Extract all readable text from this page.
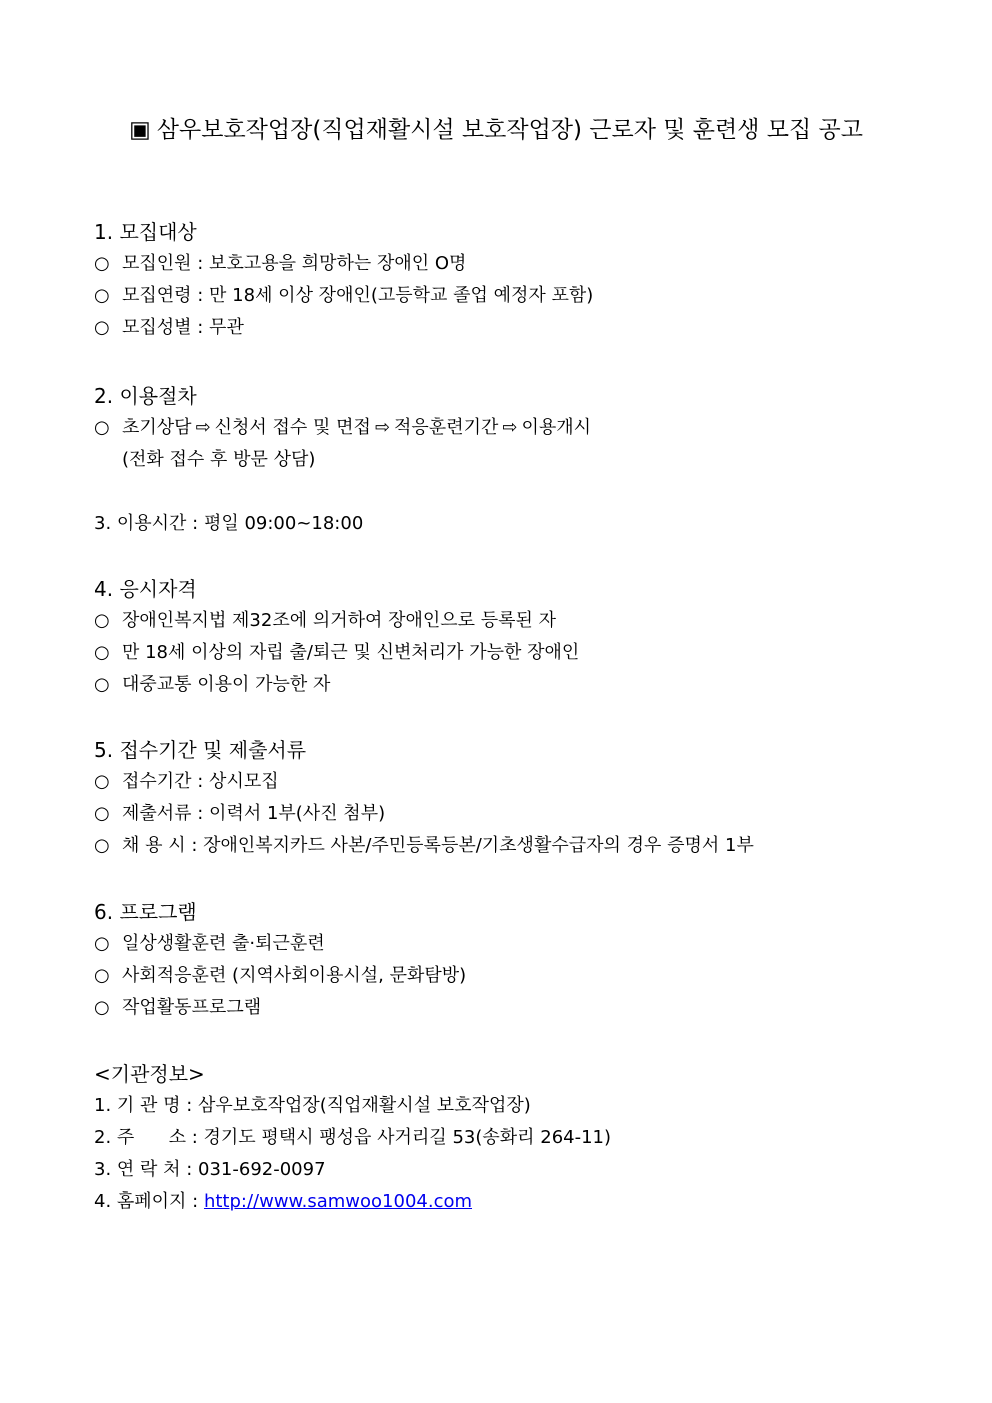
▣ 삼우보호작업장(직업재활시설 보호작업장) 근로자 및 훈련생 모집 공고
1. 모집대상
○ 모집인원 : 보호고용을 희망하는 장애인 O명
○ 모집연령 : 만 18세 이상 장애인(고등학교 졸업 예정자 포함)
○ 모집성별 : 무관
2. 이용절차
○ 초기상담 ⇨ 신청서 접수 및 면접 ⇨ 적응훈련기간 ⇨ 이용개시
(전화 접수 후 방문 상담)
3. 이용시간 : 평일 09:00~18:00
4. 응시자격
○ 장애인복지법 제32조에 의거하여 장애인으로 등록된 자
○ 만 18세 이상의 자립 출/퇴근 및 신변처리가 가능한 장애인
○ 대중교통 이용이 가능한 자
5. 접수기간 및 제출서류
○ 접수기간 : 상시모집
○ 제출서류 : 이력서 1부(사진 첨부)
○ 채 용 시 : 장애인복지카드 사본/주민등록등본/기초생활수급자의 경우 증명서 1부
6. 프로그램
○ 일상생활훈련 출·퇴근훈련
○ 사회적응훈련 (지역사회이용시설, 문화탐방)
○ 작업활동프로그램
<기관정보>
1. 기 관 명 : 삼우보호작업장(직업재활시설 보호작업장)
2. 주      소 : 경기도 평택시 팽성읍 사거리길 53(송화리 264-11)
3. 연 락 처 : 031-692-0097
4. 홈페이지 : http://www.samwoo1004.com
